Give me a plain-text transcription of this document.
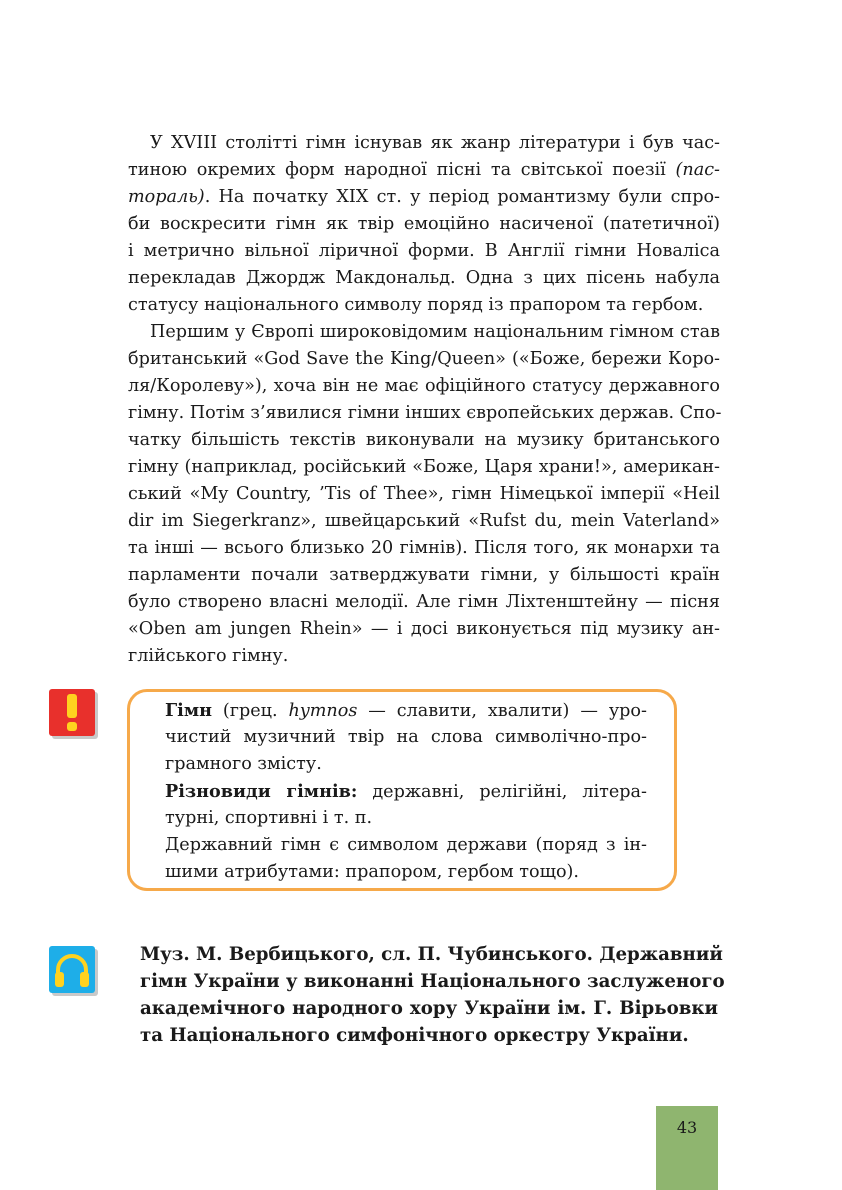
У XVIII столітті гімн існував як жанр літератури і був час-
тиною окремих форм народної пісні та світської поезії (пас-
тораль). На початку XIX ст. у період романтизму були спро-
би воскресити гімн як твір емоційно насиченої (патетичної)
і метрично вільної ліричної форми. В Англії гімни Новаліса
перекладав Джордж Макдональд. Одна з цих пісень набула
статусу національного символу поряд із прапором та гербом.
Першим у Європі широковідомим національним гімном став
британський «God Save the King/Queen» («Боже, бережи Коро-
ля/Королеву»), хоча він не має офіційного статусу державного
гімну. Потім з’явилися гімни інших європейських держав. Спо-
чатку більшість текстів виконували на музику британського
гімну (наприклад, російський «Боже, Царя храни!», американ-
ський «My Country, ’Tis of Thee», гімн Німецької імперії «Heil
dir im Siegerkranz», швейцарський «Rufst du, mein Vaterland»
та інші — всього близько 20 гімнів). Після того, як монархи та
парламенти почали затверджувати гімни, у більшості країн
було створено власні мелодії. Але гімн Ліхтенштейну — пісня
«Oben am jungen Rhein» — і досі виконується під музику ан-
глійського гімну.
Гімн (грец. hymnos — славити, хвалити) — уро-
чистий музичний твір на слова символічно-про-
грамного змісту.
Різновиди гімнів: державні, релігійні, літера-
турні, спортивні і т. п.
Державний гімн є символом держави (поряд з ін-
шими атрибутами: прапором, гербом тощо).
Муз. М. Вербицького, сл. П. Чубинського. Державний
гімн України у виконанні Національного заслуженого
академічного народного хору України ім. Г. Вірьовки
та Національного симфонічного оркестру України.
43
